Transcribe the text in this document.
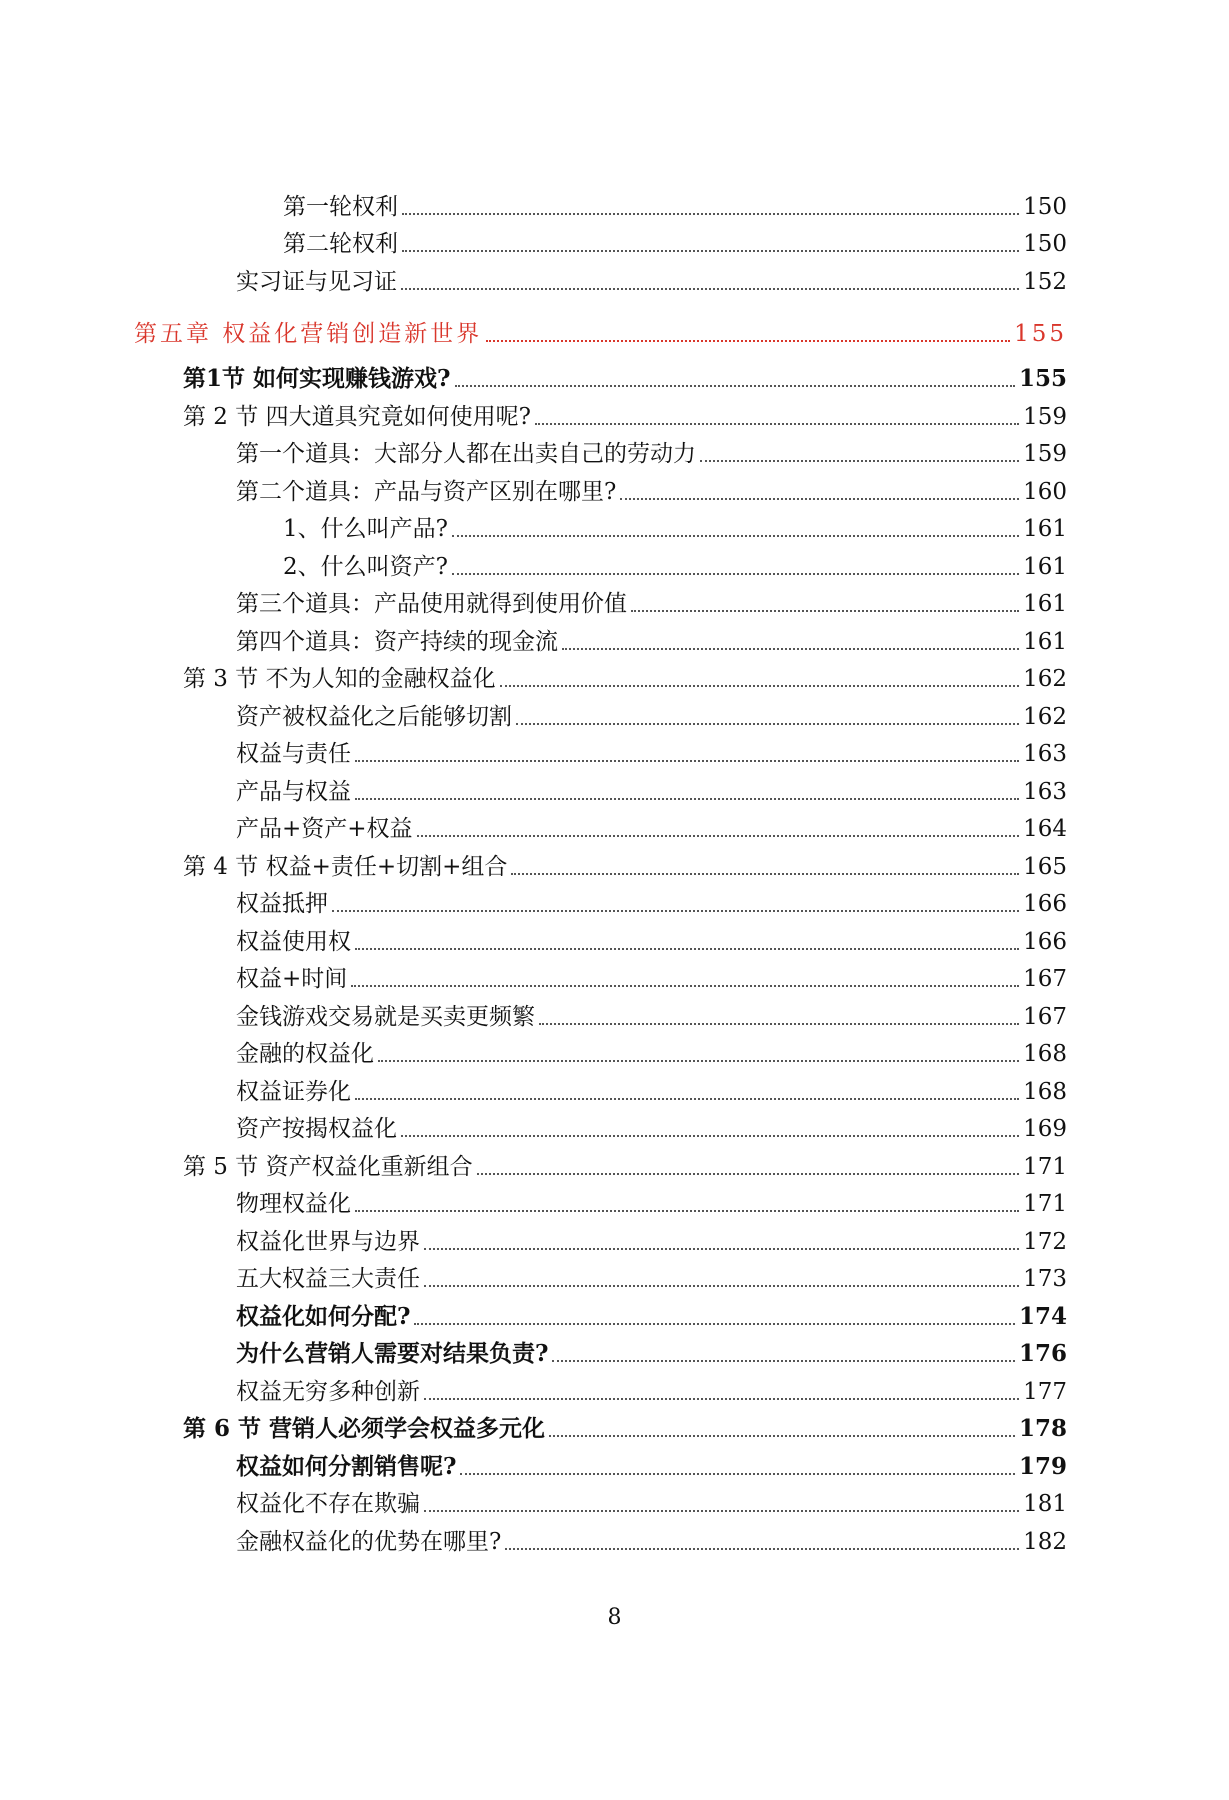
第一轮权利	150
第二轮权利	150
实习证与见习证	152
第五章 权益化营销创造新世界	155
第1节 如何实现赚钱游戏?	155
第 2 节 四大道具究竟如何使用呢?	159
第一个道具：大部分人都在出卖自己的劳动力	159
第二个道具：产品与资产区别在哪里?	160
1、什么叫产品?	161
2、什么叫资产?	161
第三个道具：产品使用就得到使用价值	161
第四个道具：资产持续的现金流	161
第 3 节 不为人知的金融权益化	162
资产被权益化之后能够切割	162
权益与责任	163
产品与权益	163
产品+资产+权益	164
第 4 节 权益+责任+切割+组合	165
权益抵押	166
权益使用权	166
权益+时间	167
金钱游戏交易就是买卖更频繁	167
金融的权益化	168
权益证券化	168
资产按揭权益化	169
第 5 节 资产权益化重新组合	171
物理权益化	171
权益化世界与边界	172
五大权益三大责任	173
权益化如何分配?	174
为什么营销人需要对结果负责?	176
权益无穷多种创新	177
第 6 节 营销人必须学会权益多元化	178
权益如何分割销售呢?	179
权益化不存在欺骗	181
金融权益化的优势在哪里?	182
8
